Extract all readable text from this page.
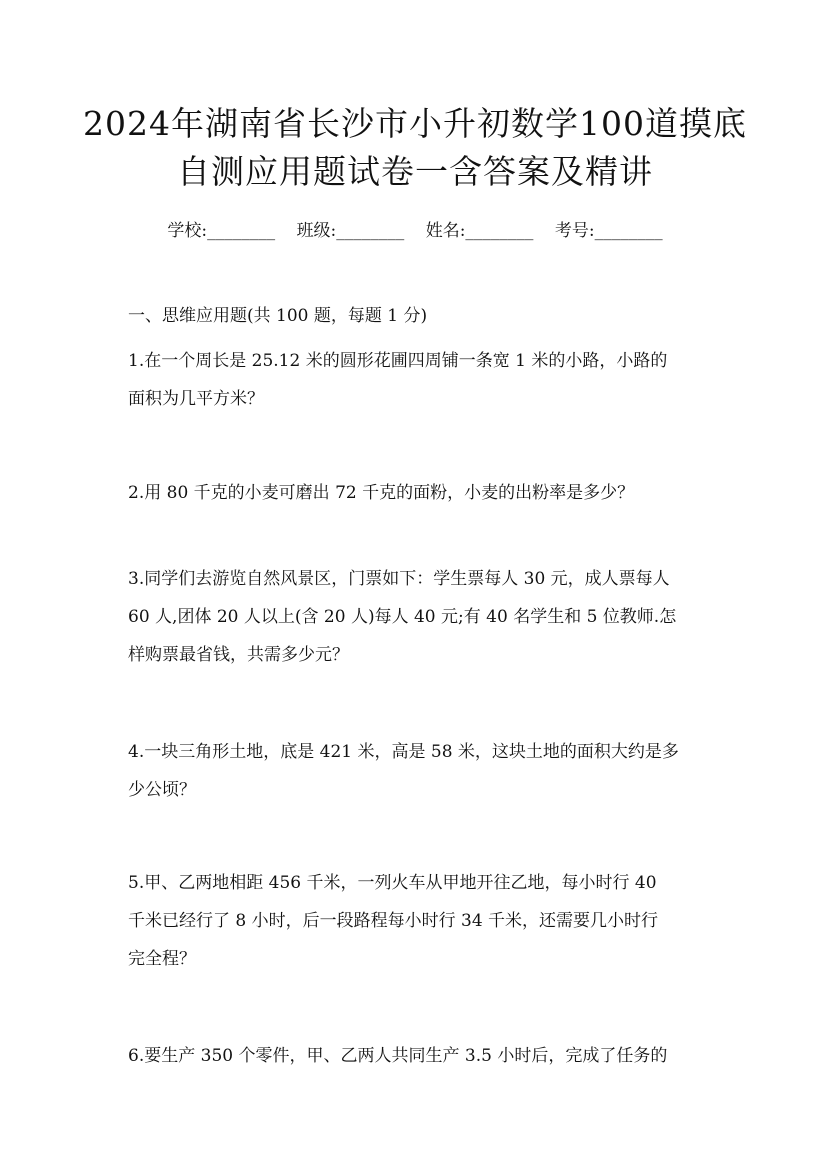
2024年湖南省长沙市小升初数学100道摸底
自测应用题试卷一含答案及精讲
学校:________ 班级:________ 姓名:________ 考号:________
一、思维应用题(共 100 题，每题 1 分)
1.在一个周长是 25.12 米的圆形花圃四周铺一条宽 1 米的小路，小路的
面积为几平方米？
2.用 80 千克的小麦可磨出 72 千克的面粉，小麦的出粉率是多少？
3.同学们去游览自然风景区，门票如下：学生票每人 30 元，成人票每人
60 人,团体 20 人以上(含 20 人)每人 40 元;有 40 名学生和 5 位教师.怎
样购票最省钱，共需多少元？
4.一块三角形土地，底是 421 米，高是 58 米，这块土地的面积大约是多
少公顷？
5.甲、乙两地相距 456 千米，一列火车从甲地开往乙地，每小时行 40
千米已经行了 8 小时，后一段路程每小时行 34 千米，还需要几小时行
完全程？
6.要生产 350 个零件，甲、乙两人共同生产 3.5 小时后，完成了任务的
